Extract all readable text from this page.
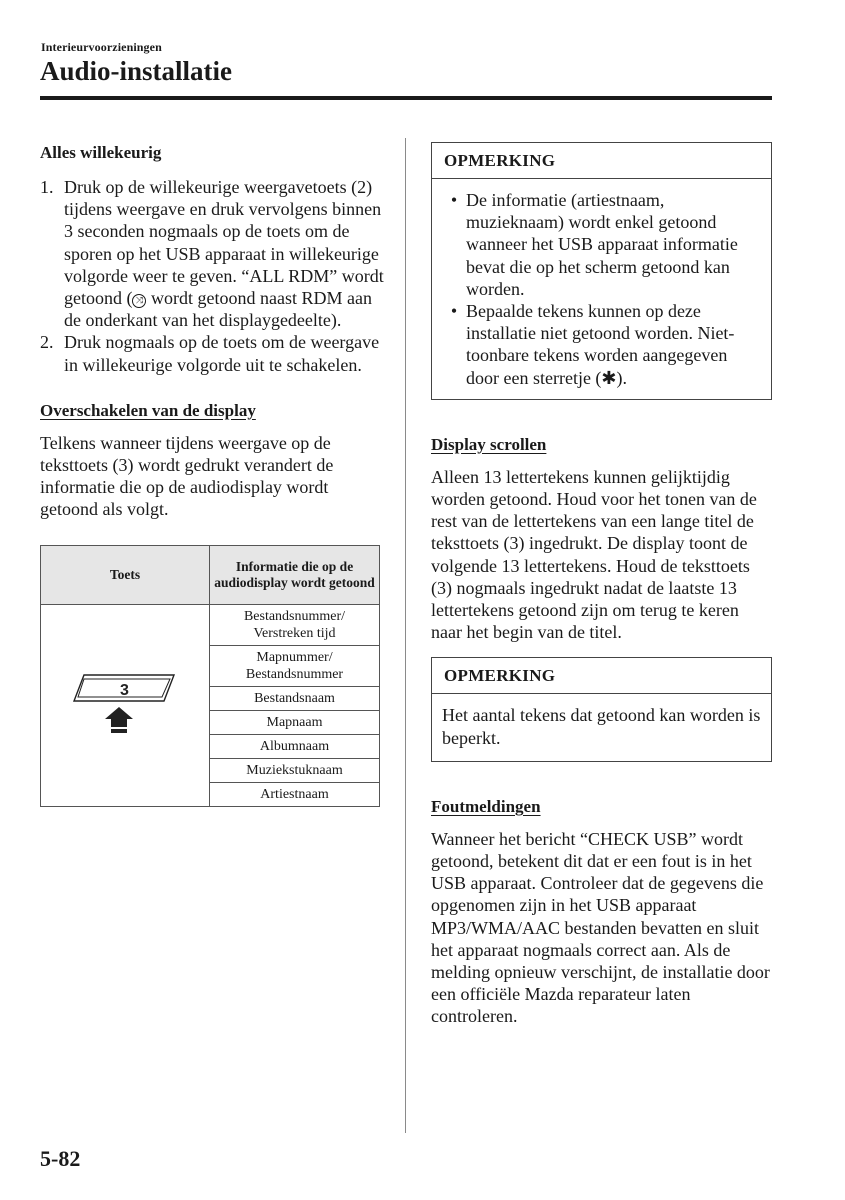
Interieurvoorzieningen
Audio-installatie
Alles willekeurig
1. Druk op de willekeurige weergavetoets (2) tijdens weergave en druk vervolgens binnen 3 seconden nogmaals op de toets om de sporen op het USB apparaat in willekeurige volgorde weer te geven. “ALL RDM” wordt getoond ( ⤨ wordt getoond naast RDM aan de onderkant van het displaygedeelte).
2. Druk nogmaals op de toets om de weergave in willekeurige volgorde uit te schakelen.
Overschakelen van de display

Telkens wanneer tijdens weergave op de teksttoets (3) wordt gedrukt verandert de informatie die op de audiodisplay wordt getoond als volgt.

Toets	Informatie die op de audiodisplay wordt getoond

3	Bestandsnummer/ Verstreken tijd
	Mapnummer/ Bestandsnummer
	Bestandsnaam
	Mapnaam
	Albumnaam
	Muziekstuknaam
	Artiestnaam
OPMERKING
• De informatie (artiestnaam, muzieknaam) wordt enkel getoond wanneer het USB apparaat informatie bevat die op het scherm getoond kan worden.
• Bepaalde tekens kunnen op deze installatie niet getoond worden. Niet-toonbare tekens worden aangegeven door een sterretje (✱).
Display scrollen

Alleen 13 lettertekens kunnen gelijktijdig worden getoond. Houd voor het tonen van de rest van de lettertekens van een lange titel de teksttoets (3) ingedrukt. De display toont de volgende 13 lettertekens. Houd de teksttoets (3) nogmaals ingedrukt nadat de laatste 13 lettertekens getoond zijn om terug te keren naar het begin van de titel.

OPMERKING
Het aantal tekens dat getoond kan worden is beperkt.
Foutmeldingen

Wanneer het bericht “CHECK USB” wordt getoond, betekent dit dat er een fout is in het USB apparaat. Controleer dat de gegevens die opgenomen zijn in het USB apparaat MP3/WMA/AAC bestanden bevatten en sluit het apparaat nogmaals correct aan. Als de melding opnieuw verschijnt, de installatie door een officiële Mazda reparateur laten controleren.

5-82
